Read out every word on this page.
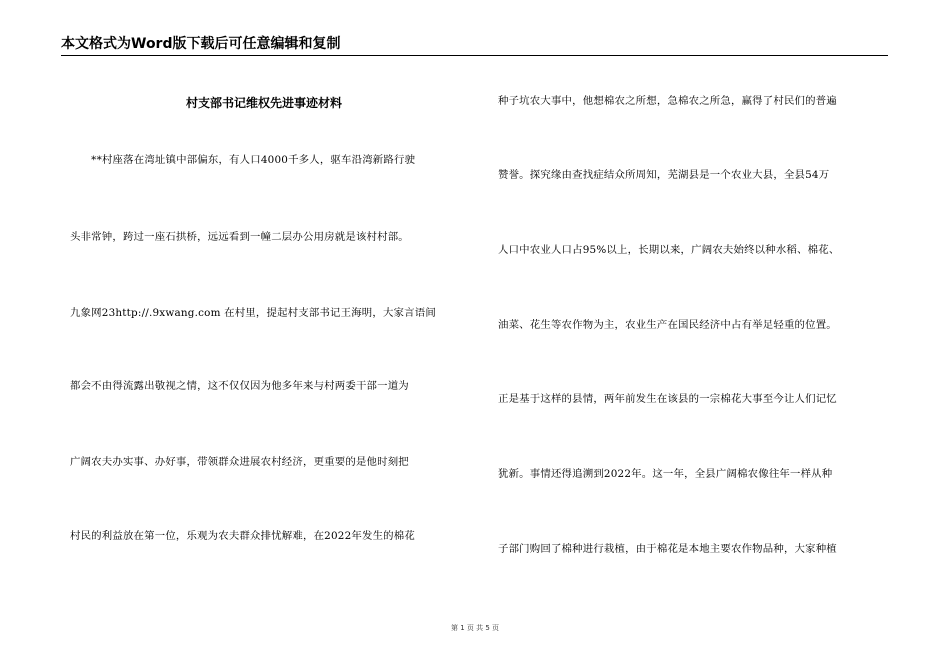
本文格式为Word版下载后可任意编辑和复制
村支部书记维权先进事迹材料
　　**村座落在湾址镇中部偏东，有人口4000千多人，驱车沿湾新路行驶
头非常钟，跨过一座石拱桥，远远看到一幢二层办公用房就是该村村部。
九象网23http://.9xwang.com 在村里，提起村支部书记王海明，大家言语间
都会不由得流露出敬视之情，这不仅仅因为他多年来与村两委干部一道为
广阔农夫办实事、办好事，带领群众进展农村经济，更重要的是他时刻把
村民的利益放在第一位，乐观为农夫群众排忧解难，在2022年发生的棉花
种子坑农大事中，他想棉农之所想，急棉农之所急，赢得了村民们的普遍
赞誉。探究缘由查找症结众所周知，芜湖县是一个农业大县，全县54万
人口中农业人口占95%以上，长期以来，广阔农夫始终以种水稻、棉花、
油菜、花生等农作物为主，农业生产在国民经济中占有举足轻重的位置。
正是基于这样的县情，两年前发生在该县的一宗棉花大事至今让人们记忆
犹新。事情还得追溯到2022年。这一年，全县广阔棉农像往年一样从种
子部门购回了棉种进行栽植，由于棉花是本地主要农作物品种，大家种植
第 1 页 共 5 页
